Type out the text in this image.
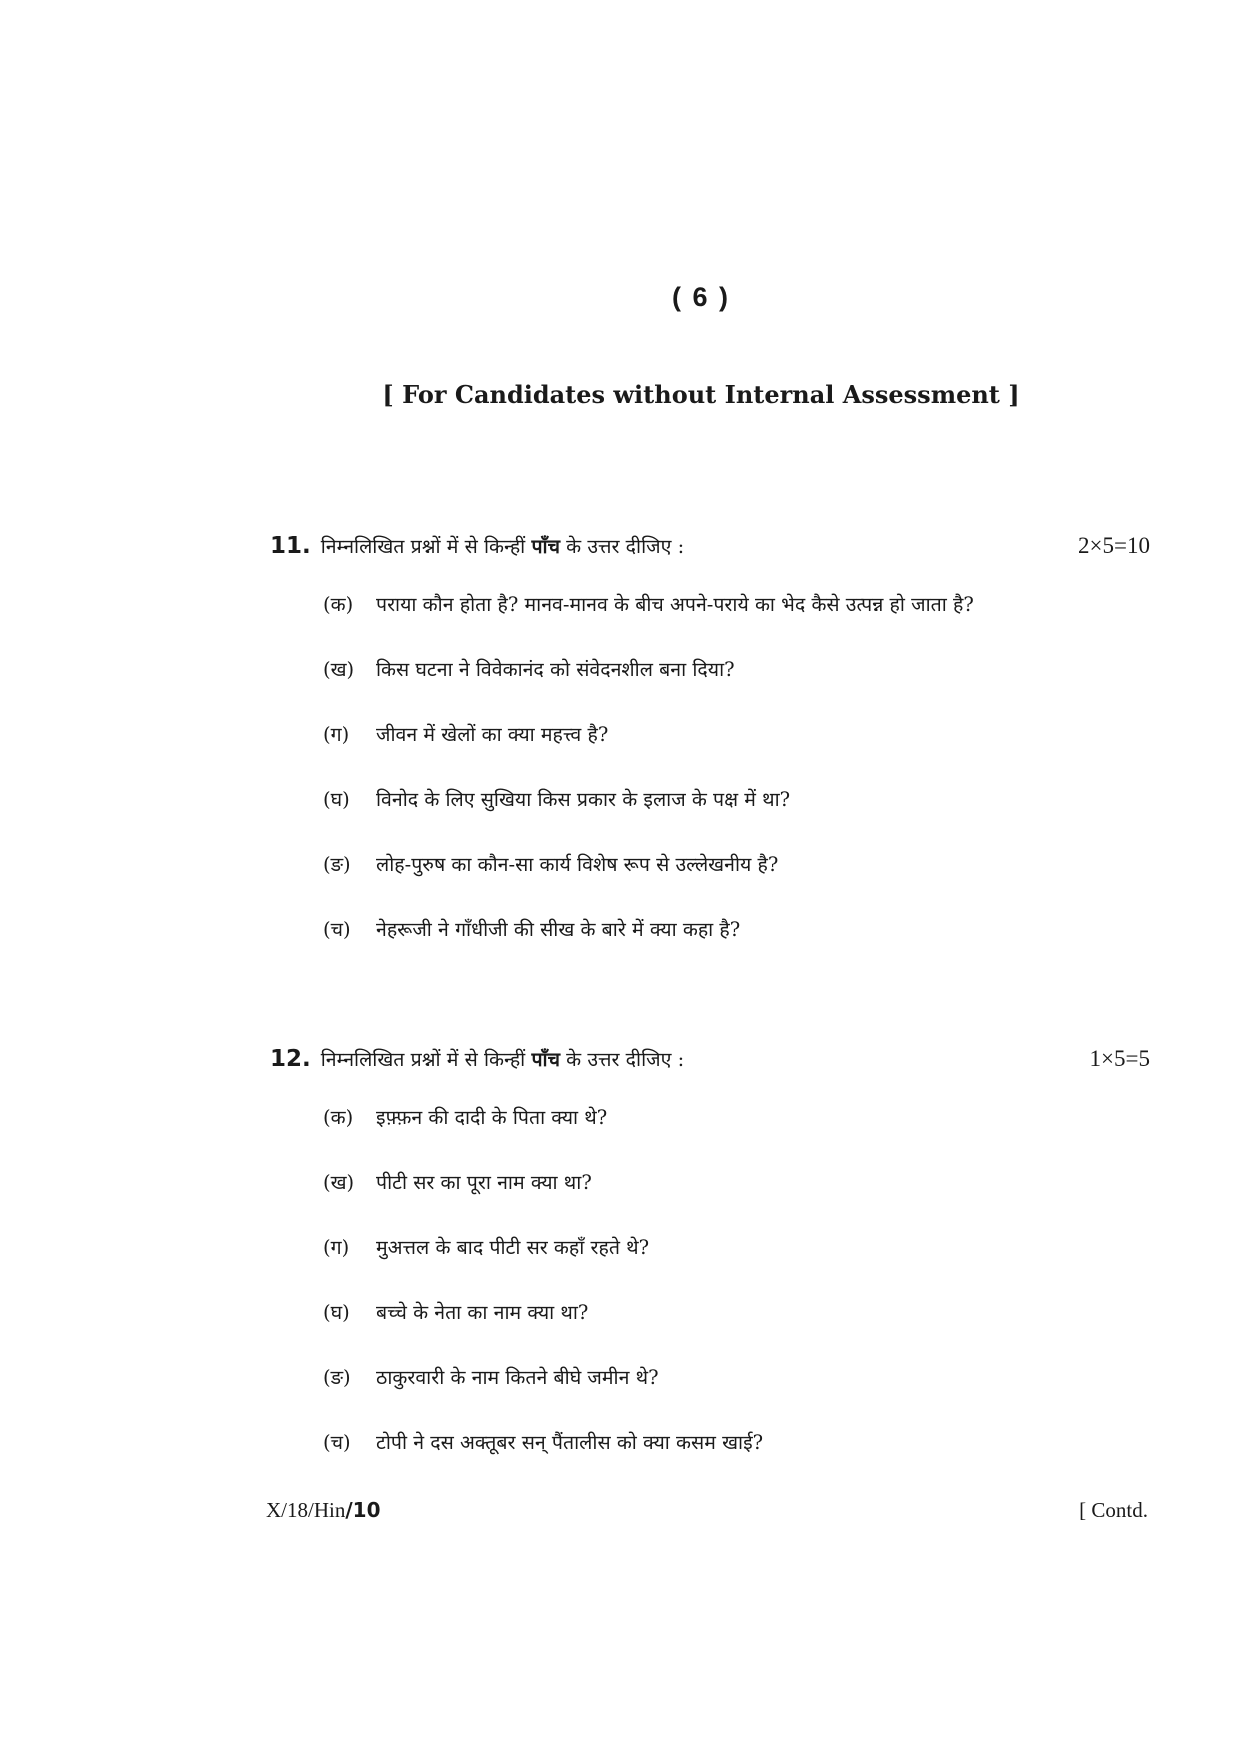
( 6 )
[ For Candidates without Internal Assessment ]
11. निम्नलिखित प्रश्नों में से किन्हीं पाँच के उत्तर दीजिए :	2×5=10
(क)	पराया कौन होता है? मानव-मानव के बीच अपने-पराये का भेद कैसे उत्पन्न हो जाता है?
(ख)	किस घटना ने विवेकानंद को संवेदनशील बना दिया?
(ग)	जीवन में खेलों का क्या महत्त्व है?
(घ)	विनोद के लिए सुखिया किस प्रकार के इलाज के पक्ष में था?
(ङ)	लोह-पुरुष का कौन-सा कार्य विशेष रूप से उल्लेखनीय है?
(च)	नेहरूजी ने गाँधीजी की सीख के बारे में क्या कहा है?
12. निम्नलिखित प्रश्नों में से किन्हीं पाँच के उत्तर दीजिए :	1×5=5
(क)	इफ़्फ़न की दादी के पिता क्या थे?
(ख)	पीटी सर का पूरा नाम क्या था?
(ग)	मुअत्तल के बाद पीटी सर कहाँ रहते थे?
(घ)	बच्चे के नेता का नाम क्या था?
(ङ)	ठाकुरवारी के नाम कितने बीघे जमीन थे?
(च)	टोपी ने दस अक्तूबर सन् पैंतालीस को क्या कसम खाई?
X/18/Hin/10	[ Contd.
